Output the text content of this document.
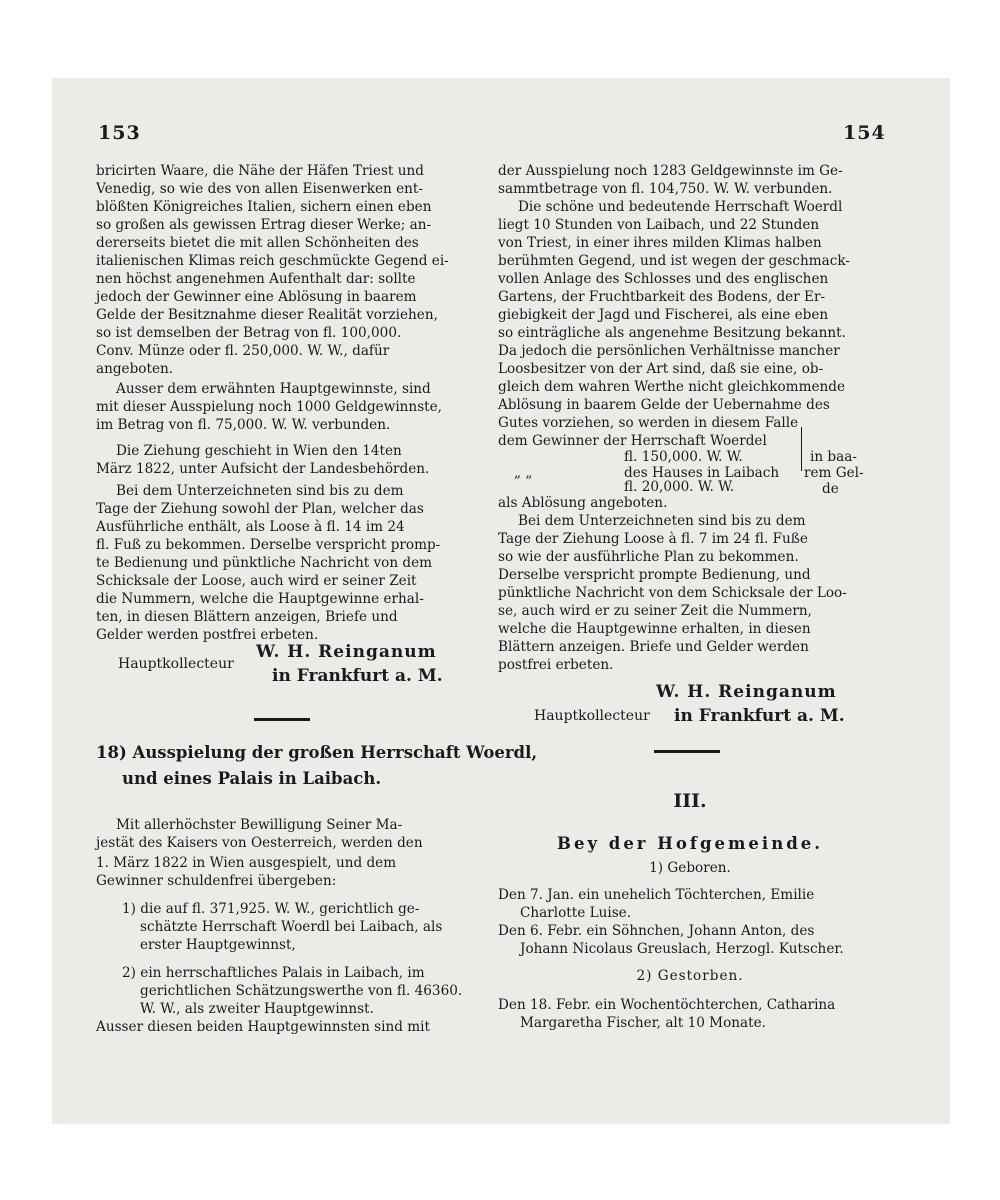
153	154
bricirten Waare, die Nähe der Häfen Triest und
Venedig, so wie des von allen Eisenwerken ent-
blößten Königreiches Italien, sichern einen eben
so großen als gewissen Ertrag dieser Werke; an-
dererseits bietet die mit allen Schönheiten des
italienischen Klimas reich geschmückte Gegend ei-
nen höchst angenehmen Aufenthalt dar: sollte
jedoch der Gewinner eine Ablösung in baarem
Gelde der Besitznahme dieser Realität vorziehen,
so ist demselben der Betrag von fl. 100,000.
Conv. Münze oder fl. 250,000. W. W., dafür
angeboten.
Ausser dem erwähnten Hauptgewinnste, sind
mit dieser Ausspielung noch 1000 Geldgewinnste,
im Betrag von fl. 75,000. W. W. verbunden.
Die Ziehung geschieht in Wien den 14ten
März 1822, unter Aufsicht der Landesbehörden.
Bei dem Unterzeichneten sind bis zu dem
Tage der Ziehung sowohl der Plan, welcher das
Ausführliche enthält, als Loose à fl. 14 im 24
fl. Fuß zu bekommen. Derselbe verspricht promp-
te Bedienung und pünktliche Nachricht von dem
Schicksale der Loose, auch wird er seiner Zeit
die Nummern, welche die Hauptgewinne erhal-
ten, in diesen Blättern anzeigen, Briefe und
Gelder werden postfrei erbeten.
W. H. Reinganum
Hauptkollecteur
in Frankfurt a. M.
18) Ausspielung der großen Herrschaft Woerdl,
und eines Palais in Laibach.
Mit allerhöchster Bewilligung Seiner Ma-
jestät des Kaisers von Oesterreich, werden den
1. März 1822 in Wien ausgespielt, und dem
Gewinner schuldenfrei übergeben:
1) die auf fl. 371,925. W. W., gerichtlich ge-
schätzte Herrschaft Woerdl bei Laibach, als
erster Hauptgewinnst,
2) ein herrschaftliches Palais in Laibach, im
gerichtlichen Schätzungswerthe von fl. 46360.
W. W., als zweiter Hauptgewinnst.
Ausser diesen beiden Hauptgewinnsten sind mit
der Ausspielung noch 1283 Geldgewinnste im Ge-
sammtbetrage von fl. 104,750. W. W. verbunden.
Die schöne und bedeutende Herrschaft Woerdl
liegt 10 Stunden von Laibach, und 22 Stunden
von Triest, in einer ihres milden Klimas halben
berühmten Gegend, und ist wegen der geschmack-
vollen Anlage des Schlosses und des englischen
Gartens, der Fruchtbarkeit des Bodens, der Er-
giebigkeit der Jagd und Fischerei, als eine eben
so einträgliche als angenehme Besitzung bekannt.
Da jedoch die persönlichen Verhältnisse mancher
Loosbesitzer von der Art sind, daß sie eine, ob-
gleich dem wahren Werthe nicht gleichkommende
Ablösung in baarem Gelde der Uebernahme des
Gutes vorziehen, so werden in diesem Falle
dem Gewinner der Herrschaft Woerdel
fl. 150,000. W. W.
„ „	des Hauses in Laibach
fl. 20,000. W. W.
in baa-
rem Gel-
de
als Ablösung angeboten.
Bei dem Unterzeichneten sind bis zu dem
Tage der Ziehung Loose à fl. 7 im 24 fl. Fuße
so wie der ausführliche Plan zu bekommen.
Derselbe verspricht prompte Bedienung, und
pünktliche Nachricht von dem Schicksale der Loo-
se, auch wird er zu seiner Zeit die Nummern,
welche die Hauptgewinne erhalten, in diesen
Blättern anzeigen. Briefe und Gelder werden
postfrei erbeten.
W. H. Reinganum
Hauptkollecteur in Frankfurt a. M.
III.
Bey der Hofgemeinde.
1) Geboren.
Den 7. Jan. ein unehelich Töchterchen, Emilie
Charlotte Luise.
Den 6. Febr. ein Söhnchen, Johann Anton, des
Johann Nicolaus Greuslach, Herzogl. Kutscher.
2) Gestorben.
Den 18. Febr. ein Wochentöchterchen, Catharina
Margaretha Fischer, alt 10 Monate.
